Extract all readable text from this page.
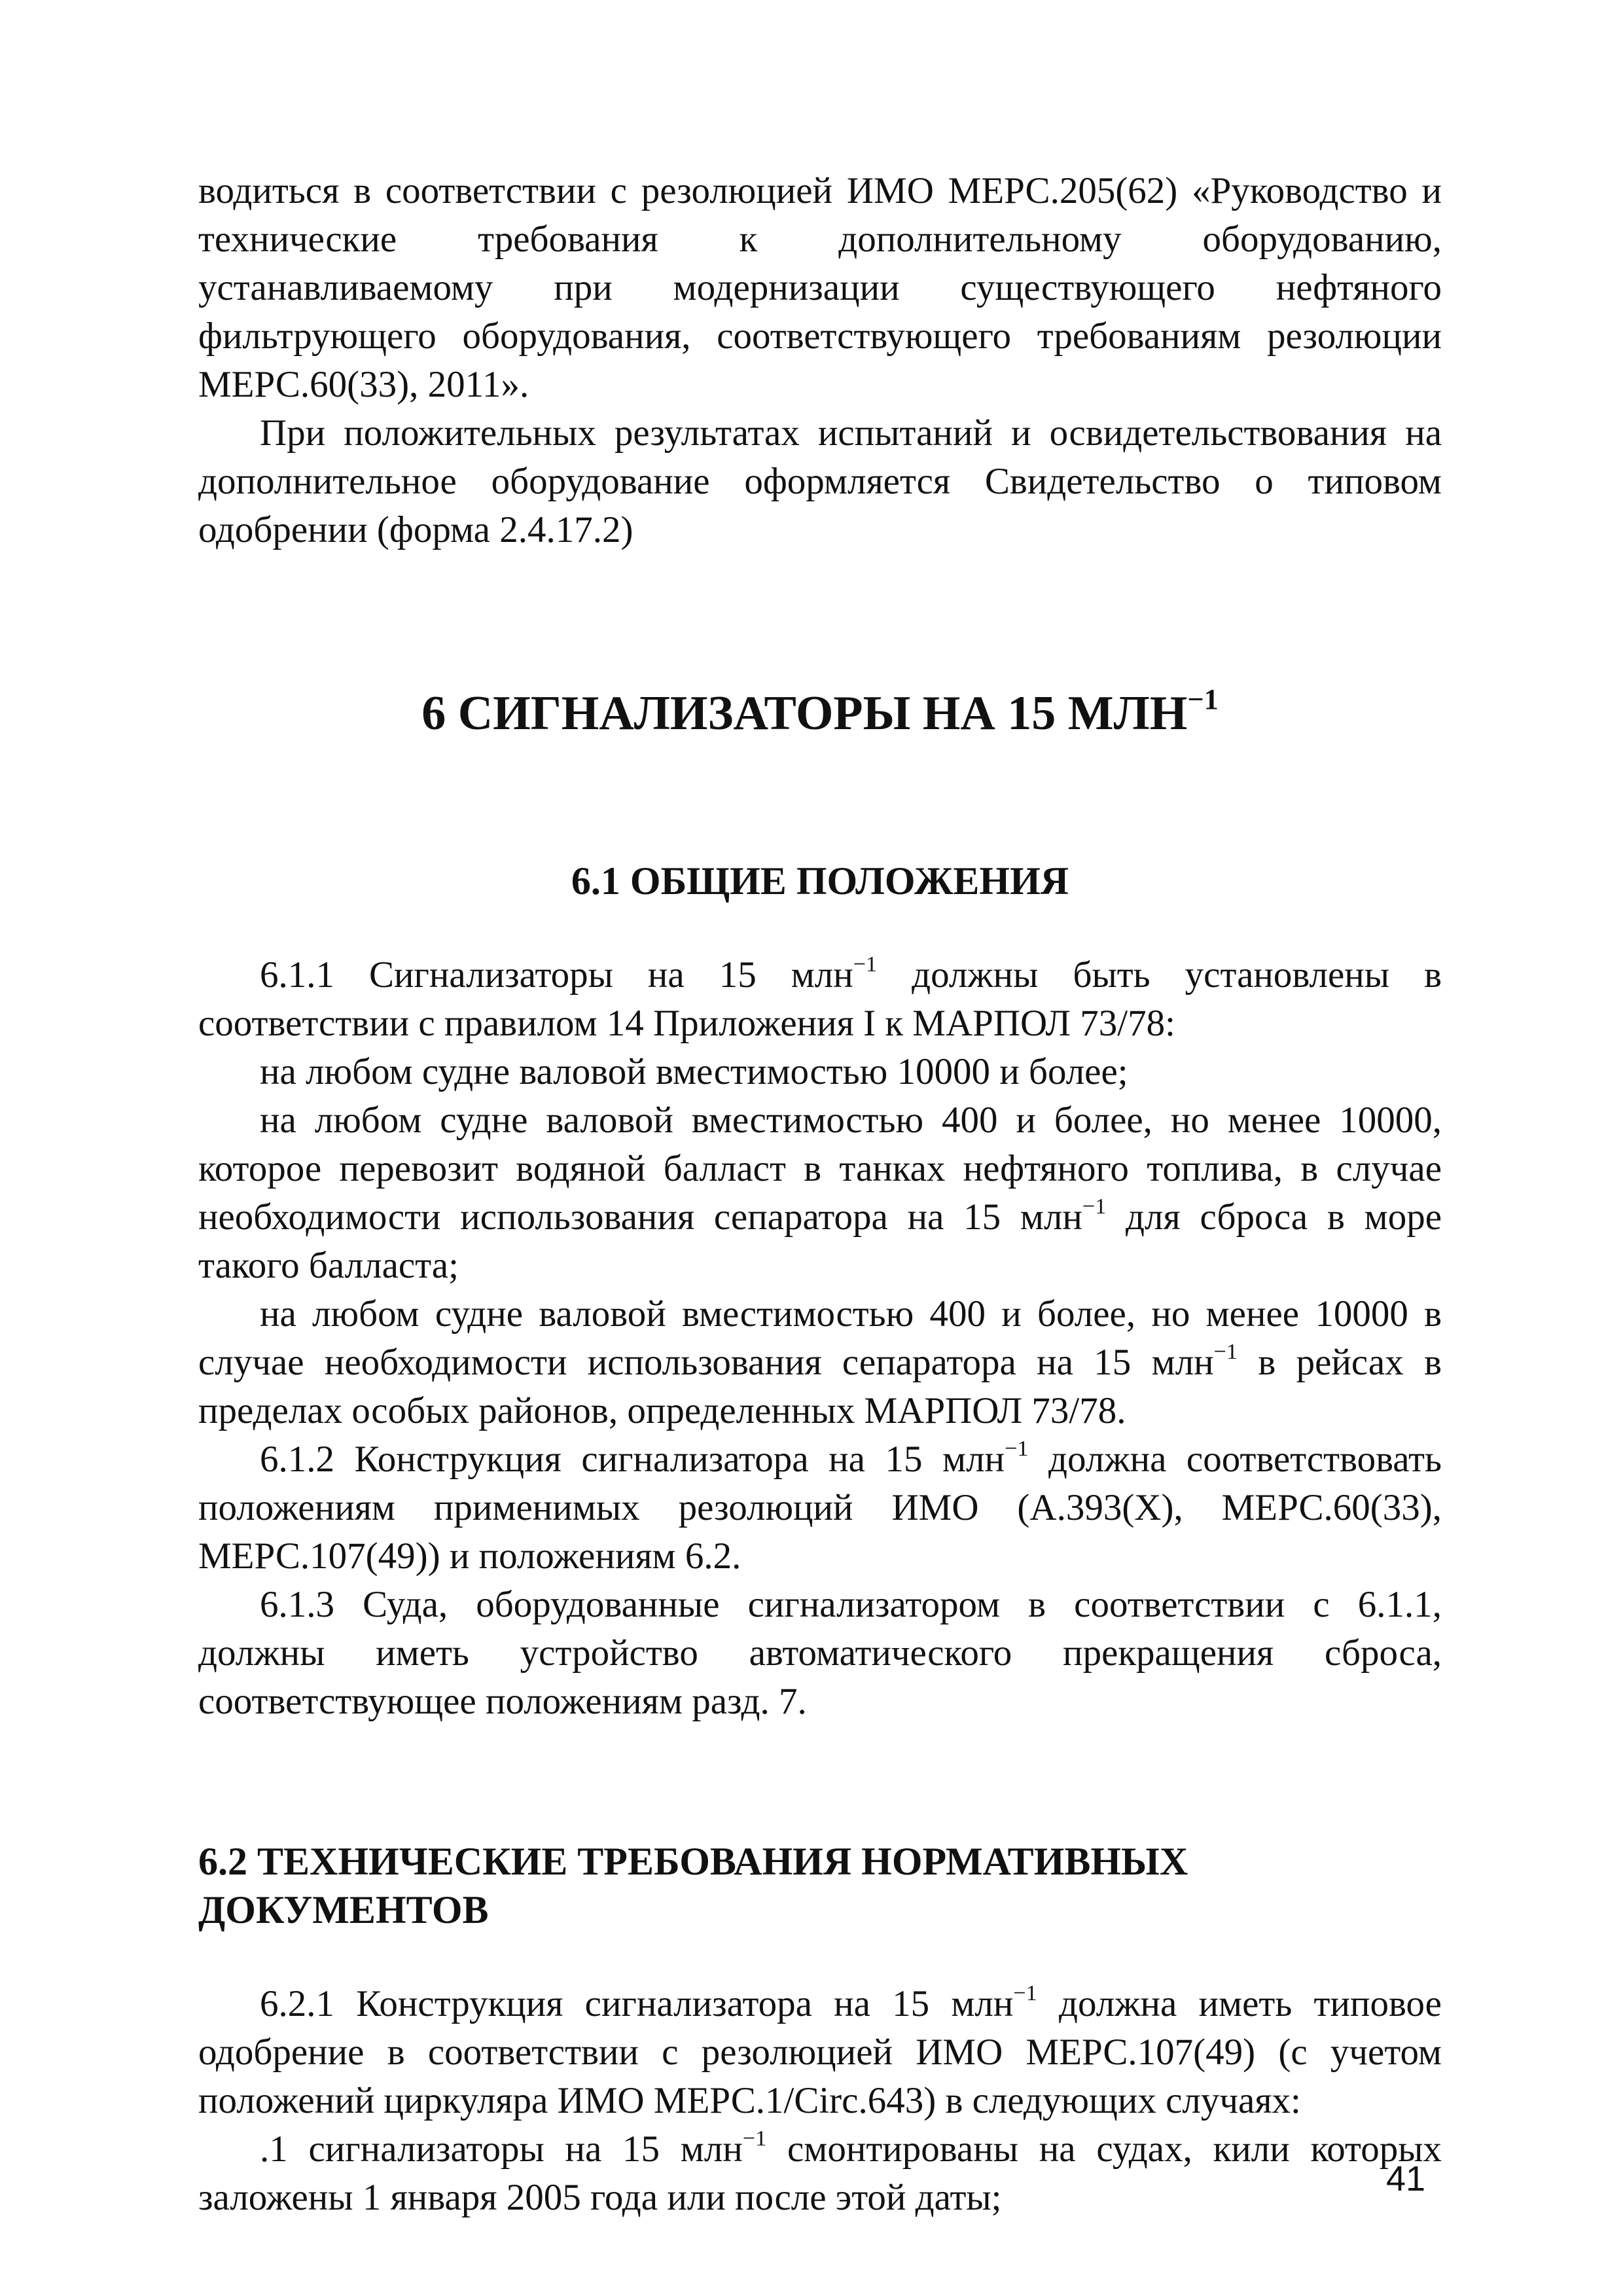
водиться в соответствии с резолюцией ИМО МЕРС.205(62) «Руководство и технические требования к дополнительному оборудованию, устанавливаемому при модернизации существующего нефтяного фильтрующего оборудования, соответствующего требованиям резолюции МЕРС.60(33), 2011».

При положительных результатах испытаний и освидетельствования на дополнительное оборудование оформляется Свидетельство о типовом одобрении (форма 2.4.17.2)

6 СИГНАЛИЗАТОРЫ НА 15 $МЛН^{-1}$
6.1 ОБЩИЕ ПОЛОЖЕНИЯ

6.1.1 Сигнализаторы на 15 млн$^{-1}$ должны быть установлены в соответствии с правилом 14 Приложения I к МАРПОЛ 73/78:

на любом судне валовой вместимостью 10000 и более;

на любом судне валовой вместимостью 400 и более, но менее 10000, которое перевозит водяной балласт в танках нефтяного топлива, в случае необходимости использования сепаратора на 15 млн$^{-1}$ для сброса в море такого балласта;

на любом судне валовой вместимостью 400 и более, но менее 10000 в случае необходимости использования сепаратора на 15 млн$^{-1}$ в рейсах в пределах особых районов, определенных МАРПОЛ 73/78.

6.1.2 Конструкция сигнализатора на 15 млн$^{-1}$ должна соответствовать положениям применимых резолюций ИМО (А.393(Х), МЕРС.60(33), МЕРС.107(49)) и положениям 6.2.

6.1.3 Суда, оборудованные сигнализатором в соответствии с 6.1.1, должны иметь устройство автоматического прекращения сброса, соответствующее положениям разд. 7.

6.2 ТЕХНИЧЕСКИЕ ТРЕБОВАНИЯ НОРМАТИВНЫХ ДОКУМЕНТОВ

6.2.1 Конструкция сигнализатора на 15 млн$^{-1}$ должна иметь типовое одобрение в соответствии с резолюцией ИМО МЕРС.107(49) (с учетом положений циркуляра ИМО МЕРС.1/Circ.643) в следующих случаях:

.1 сигнализаторы на 15 млн$^{-1}$ смонтированы на судах, кили которых заложены 1 января 2005 года или после этой даты;	41
